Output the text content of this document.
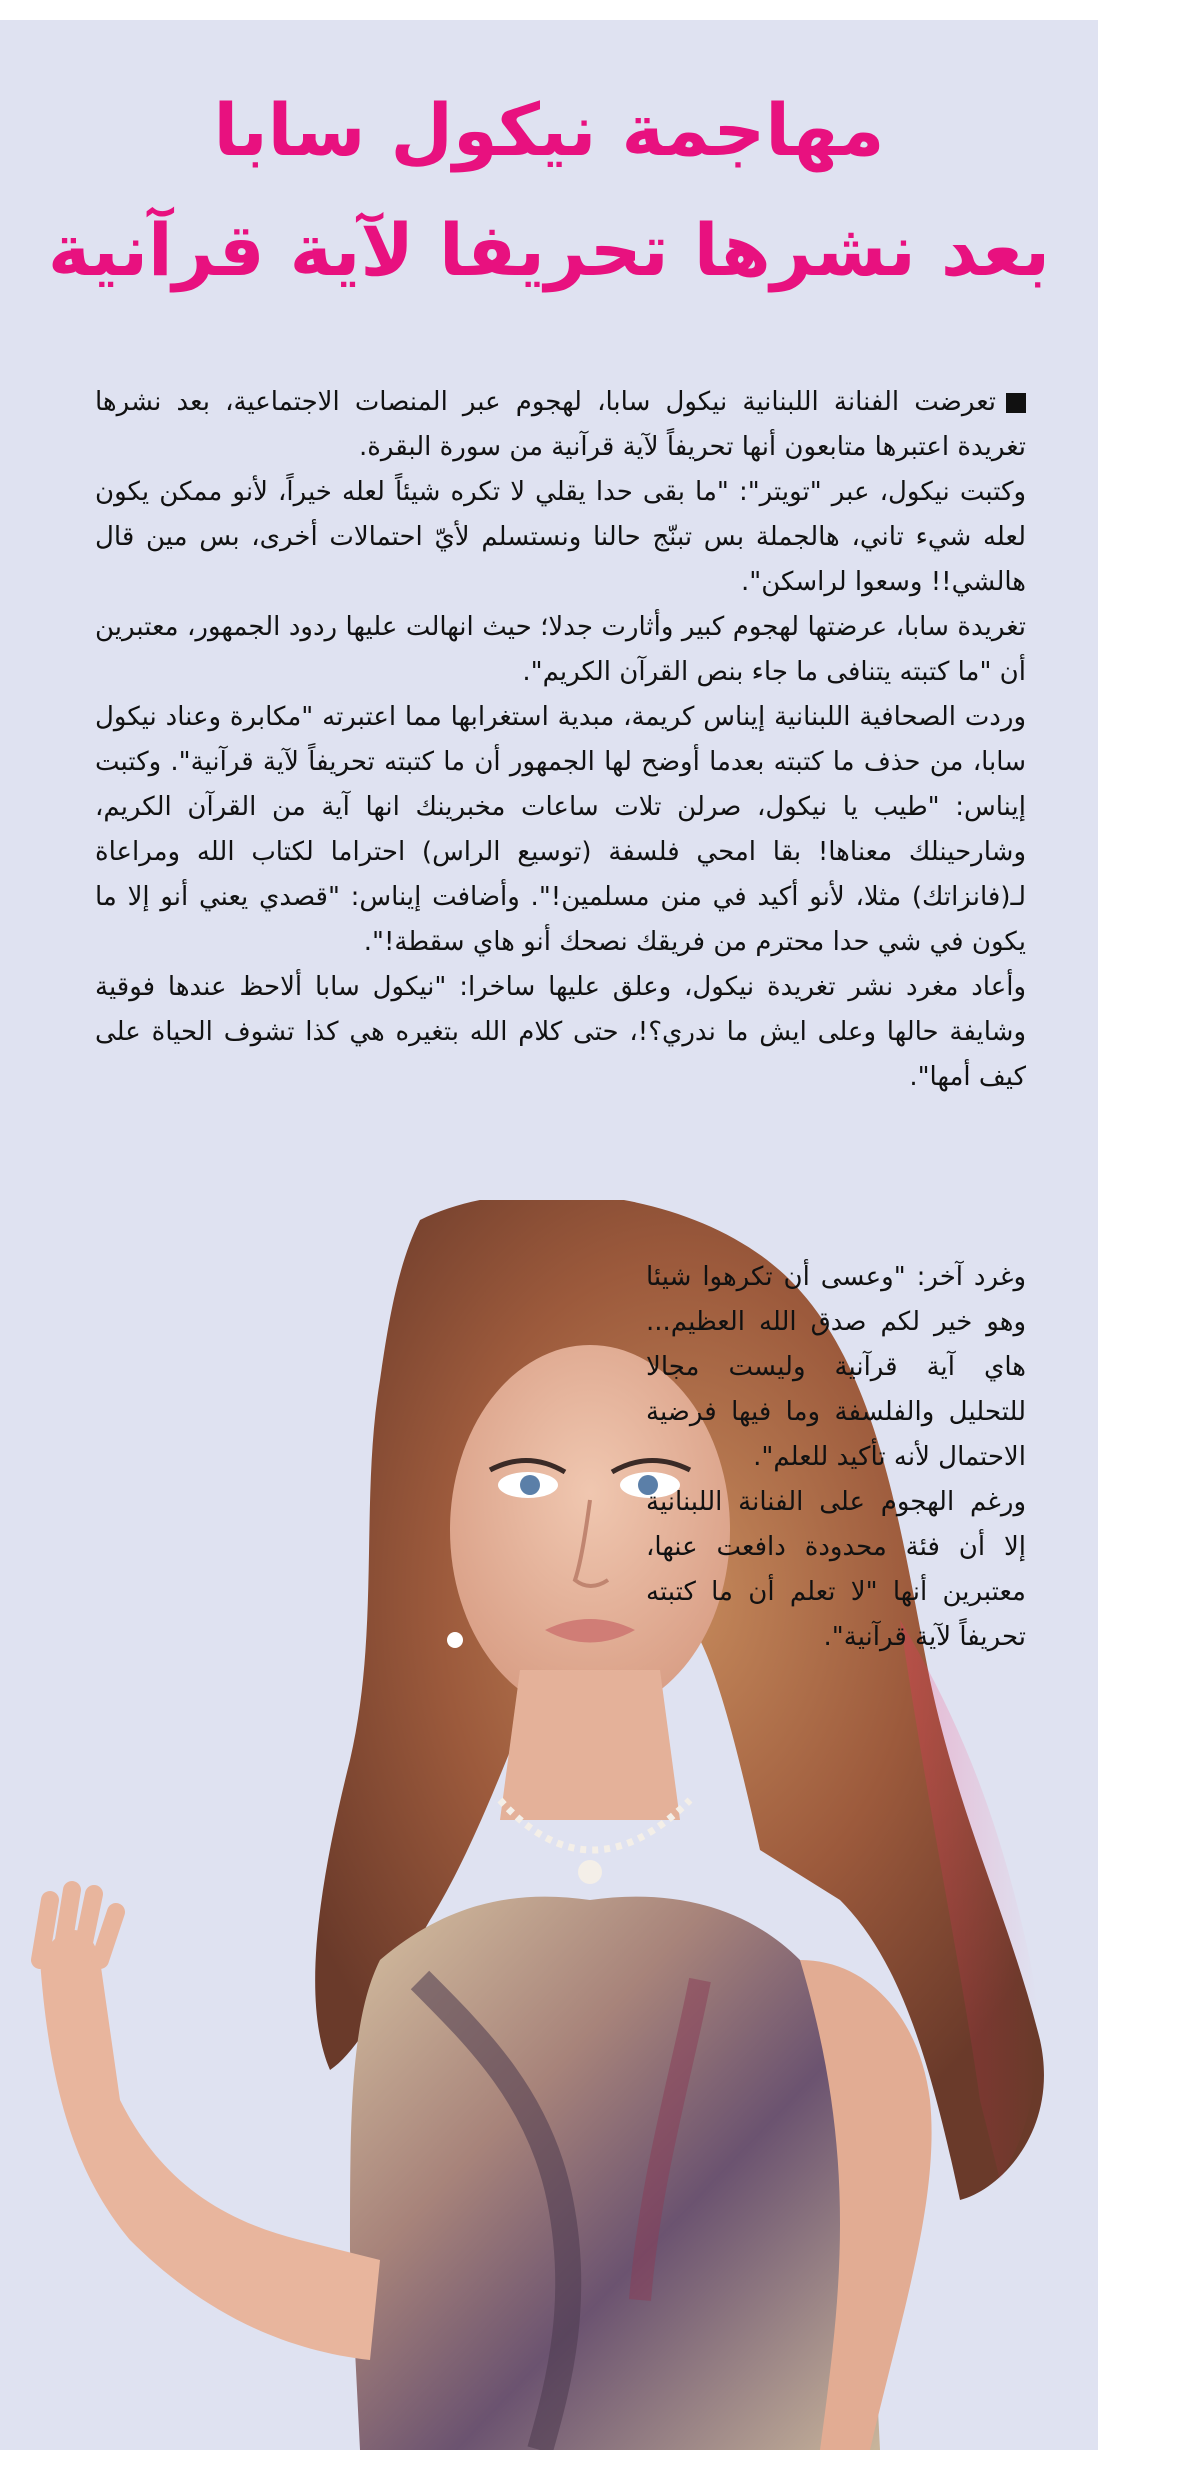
مهاجمة نيكول سابا
بعد نشرها تحريفا لآية قرآنية

تعرضت الفنانة اللبنانية نيكول سابا، لهجوم عبر المنصات الاجتماعية، بعد نشرها تغريدة اعتبرها متابعون أنها تحريفاً لآية قرآنية من سورة البقرة.

وكتبت نيكول، عبر "تويتر": "ما بقى حدا يقلي لا تكره شيئاً لعله خيراً، لأنو ممكن يكون لعله شيء تاني، هالجملة بس تبنّج حالنا ونستسلم لأيّ احتمالات أخرى، بس مين قال هالشي!! وسعوا لراسكن".

تغريدة سابا، عرضتها لهجوم كبير وأثارت جدلا؛ حيث انهالت عليها ردود الجمهور، معتبرين أن "ما كتبته يتنافى ما جاء بنص القرآن الكريم".

وردت الصحافية اللبنانية إيناس كريمة، مبدية استغرابها مما اعتبرته "مكابرة وعناد نيكول سابا، من حذف ما كتبته بعدما أوضح لها الجمهور أن ما كتبته تحريفاً لآية قرآنية". وكتبت إيناس: "طيب يا نيكول، صرلن تلات ساعات مخبرينك انها آية من القرآن الكريم، وشارحينلك معناها! بقا امحي فلسفة (توسيع الراس) احتراما لكتاب الله ومراعاة لـ(فانزاتك) مثلا، لأنو أكيد في منن مسلمين!". وأضافت إيناس: "قصدي يعني أنو إلا ما يكون في شي حدا محترم من فريقك نصحك أنو هاي سقطة!".

وأعاد مغرد نشر تغريدة نيكول، وعلق عليها ساخرا: "نيكول سابا ألاحظ عندها فوقية وشايفة حالها وعلى ايش ما ندري؟!، حتى كلام الله بتغيره هي كذا تشوف الحياة على كيف أمها".

وغرد آخر: "وعسى أن تكرهوا شيئا وهو خير لكم صدق الله العظيم... هاي آية قرآنية وليست مجالا للتحليل والفلسفة وما فيها فرضية الاحتمال لأنه تأكيد للعلم".

ورغم الهجوم على الفنانة اللبنانية إلا أن فئة محدودة دافعت عنها، معتبرين أنها "لا تعلم أن ما كتبته تحريفاً لآية قرآنية".
